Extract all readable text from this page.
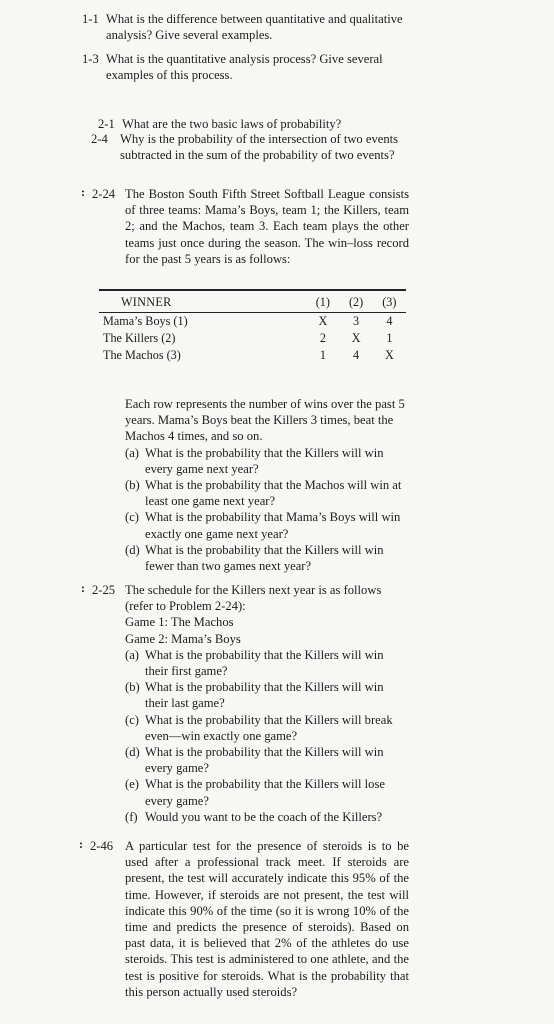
1-1 What is the difference between quantitative and qualitative analysis? Give several examples.
1-3 What is the quantitative analysis process? Give several examples of this process.
2-1 What are the two basic laws of probability?
2-4 Why is the probability of the intersection of two events subtracted in the sum of the probability of two events?
: 2-24 The Boston South Fifth Street Softball League consists of three teams: Mama’s Boys, team 1; the Killers, team 2; and the Machos, team 3. Each team plays the other teams just once during the season. The win–loss record for the past 5 years is as follows:
WINNER	(1)	(2)	(3)
Mama’s Boys (1)	X	3	4
The Killers (2)	2	X	1
The Machos (3)	1	4	X
Each row represents the number of wins over the past 5 years. Mama’s Boys beat the Killers 3 times, beat the Machos 4 times, and so on.
(a) What is the probability that the Killers will win every game next year?
(b) What is the probability that the Machos will win at least one game next year?
(c) What is the probability that Mama’s Boys will win exactly one game next year?
(d) What is the probability that the Killers will win fewer than two games next year?
: 2-25 The schedule for the Killers next year is as follows (refer to Problem 2-24):
Game 1: The Machos
Game 2: Mama’s Boys
(a) What is the probability that the Killers will win their first game?
(b) What is the probability that the Killers will win their last game?
(c) What is the probability that the Killers will break even—win exactly one game?
(d) What is the probability that the Killers will win every game?
(e) What is the probability that the Killers will lose every game?
(f) Would you want to be the coach of the Killers?
: 2-46 A particular test for the presence of steroids is to be used after a professional track meet. If steroids are present, the test will accurately indicate this 95% of the time. However, if steroids are not present, the test will indicate this 90% of the time (so it is wrong 10% of the time and predicts the presence of steroids). Based on past data, it is believed that 2% of the athletes do use steroids. This test is administered to one athlete, and the test is positive for steroids. What is the probability that this person actually used steroids?
